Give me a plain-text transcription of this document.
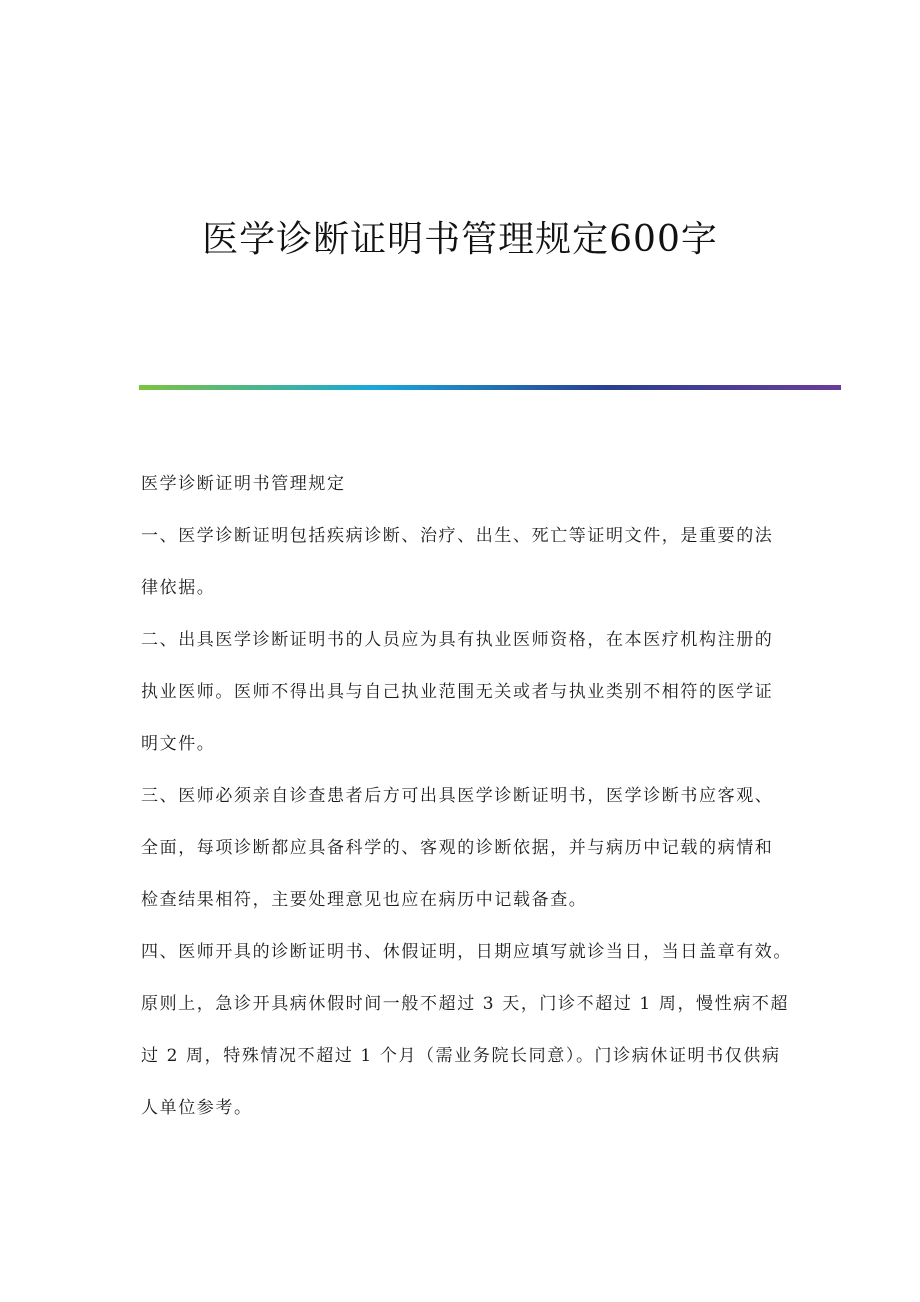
医学诊断证明书管理规定600字
医学诊断证明书管理规定
一、医学诊断证明包括疾病诊断、治疗、出生、死亡等证明文件，是重要的法
律依据。
二、出具医学诊断证明书的人员应为具有执业医师资格，在本医疗机构注册的
执业医师。医师不得出具与自己执业范围无关或者与执业类别不相符的医学证
明文件。
三、医师必须亲自诊查患者后方可出具医学诊断证明书，医学诊断书应客观、
全面，每项诊断都应具备科学的、客观的诊断依据，并与病历中记载的病情和
检查结果相符，主要处理意见也应在病历中记载备查。
四、医师开具的诊断证明书、休假证明，日期应填写就诊当日，当日盖章有效。
原则上，急诊开具病休假时间一般不超过 3 天，门诊不超过 1 周，慢性病不超
过 2 周，特殊情况不超过 1 个月（需业务院长同意）。门诊病休证明书仅供病
人单位参考。
